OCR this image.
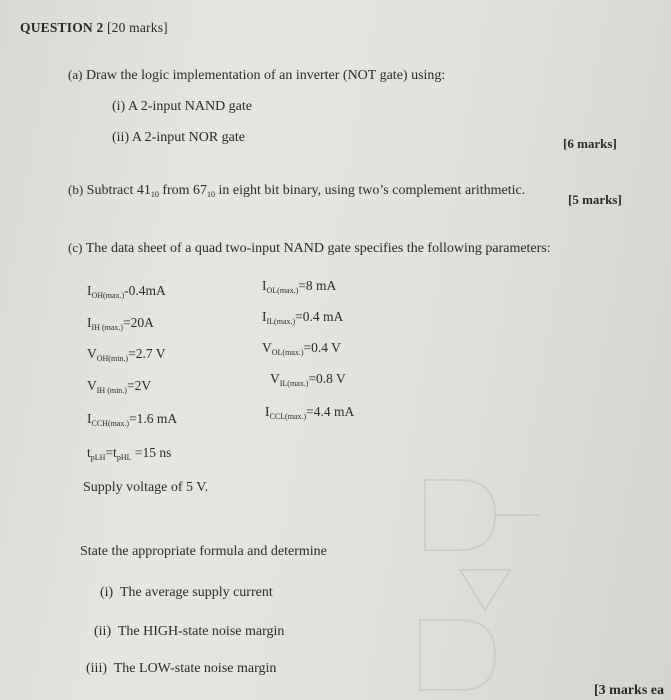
QUESTION 2 [20 marks]
(a) Draw the logic implementation of an inverter (NOT gate) using:
(i) A 2-input NAND gate
(ii) A 2-input NOR gate	[6 marks]
(b) Subtract $41_{10}$ from $67_{10}$ in eight bit binary, using two’s complement arithmetic.
[5 marks]
(c) The data sheet of a quad two-input NAND gate specifies the following parameters:
$I_{OH(max.)}-0.4mA$
$I_{IH (max.)}=20A$
$V_{OH(min.)}=2.7$ V
$V_{IH (min.)}=2V$
$I_{CCH(max.)}=1.6$ mA
$I_{OL(max.)}=8$ mA
$I_{IL(max.)}=0.4$ mA
$V_{OL(max.)}=0.4$ V
$V_{IL(max.)}=0.8$ V
$I_{CCL(max.)}=4.4$ mA
$t_{pLH}=t_{pHL} =15$ ns
Supply voltage of 5 V.
State the appropriate formula and determine
(i) The average supply current
(ii) The HIGH-state noise margin
(iii) The LOW-state noise margin
[3 marks ea
